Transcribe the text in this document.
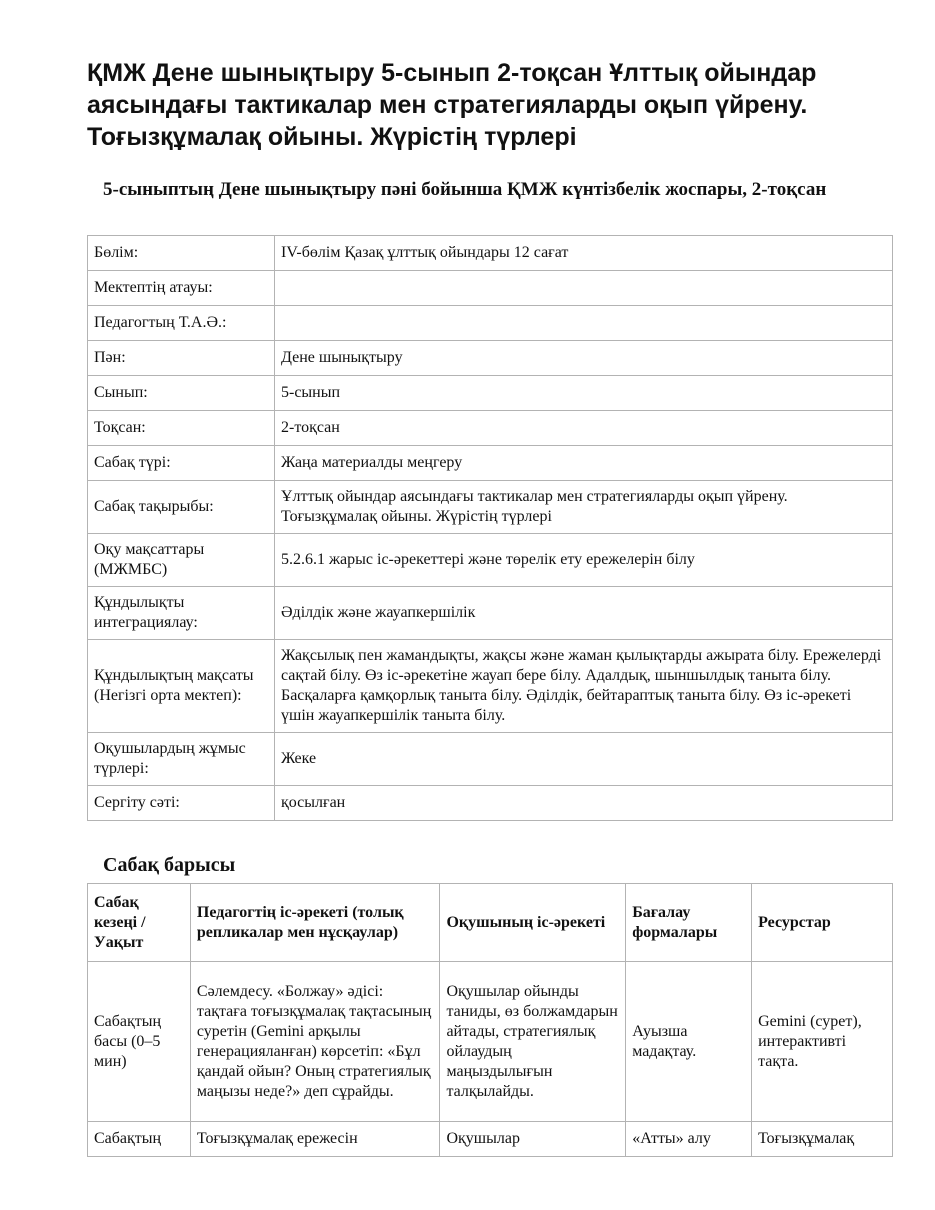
ҚМЖ Дене шынықтыру 5-сынып 2-тоқсан Ұлттық ойындар аясындағы тактикалар мен стратегияларды оқып үйрену. Тоғызқұмалақ ойыны. Жүрістің түрлері
5-сыныптың Дене шынықтыру пәні бойынша ҚМЖ күнтізбелік жоспары, 2-тоқсан
Бөлім:	IV-бөлім Қазақ ұлттық ойындары 12 сағат
Мектептің атауы:	
Педагогтың Т.А.Ә.:	
Пән:	Дене шынықтыру
Сынып:	5-сынып
Тоқсан:	2-тоқсан
Сабақ түрі:	Жаңа материалды меңгеру
Сабақ тақырыбы:	Ұлттық ойындар аясындағы тактикалар мен стратегияларды оқып үйрену. Тоғызқұмалақ ойыны. Жүрістің түрлері
Оқу мақсаттары (МЖМБС)	5.2.6.1 жарыс іс-әрекеттері және төрелік ету ережелерін білу
Құндылықты интеграциялау:	Әділдік және жауапкершілік
Құндылықтың мақсаты (Негізгі орта мектеп):	Жақсылық пен жамандықты, жақсы және жаман қылықтарды ажырата білу. Ережелерді сақтай білу. Өз іс-әрекетіне жауап бере білу. Адалдық, шыншылдық таныта білу. Басқаларға қамқорлық таныта білу. Әділдік, бейтараптық таныта білу. Өз іс-әрекеті үшін жауапкершілік таныта білу.
Оқушылардың жұмыс түрлері:	Жеке
Сергіту сәті:	қосылған
Сабақ барысы
Сабақ кезеңі / Уақыт	Педагогтің іс-әрекеті (толық репликалар мен нұсқаулар)	Оқушының іс-әрекеті	Бағалау формалары	Ресурстар
Сабақтың басы (0–5 мин)	Сәлемдесу. «Болжау» әдісі: тақтаға тоғызқұмалақ тақтасының суретін (Gemini арқылы генерацияланған) көрсетіп: «Бұл қандай ойын? Оның стратегиялық маңызы неде?» деп сұрайды.	Оқушылар ойынды таниды, өз болжамдарын айтады, стратегиялық ойлаудың маңыздылығын талқылайды.	Ауызша мадақтау.	Gemini (сурет), интерактивті тақта.
Сабақтың	Тоғызқұмалақ ережесін	Оқушылар	«Атты» алу	Тоғызқұмалақ
